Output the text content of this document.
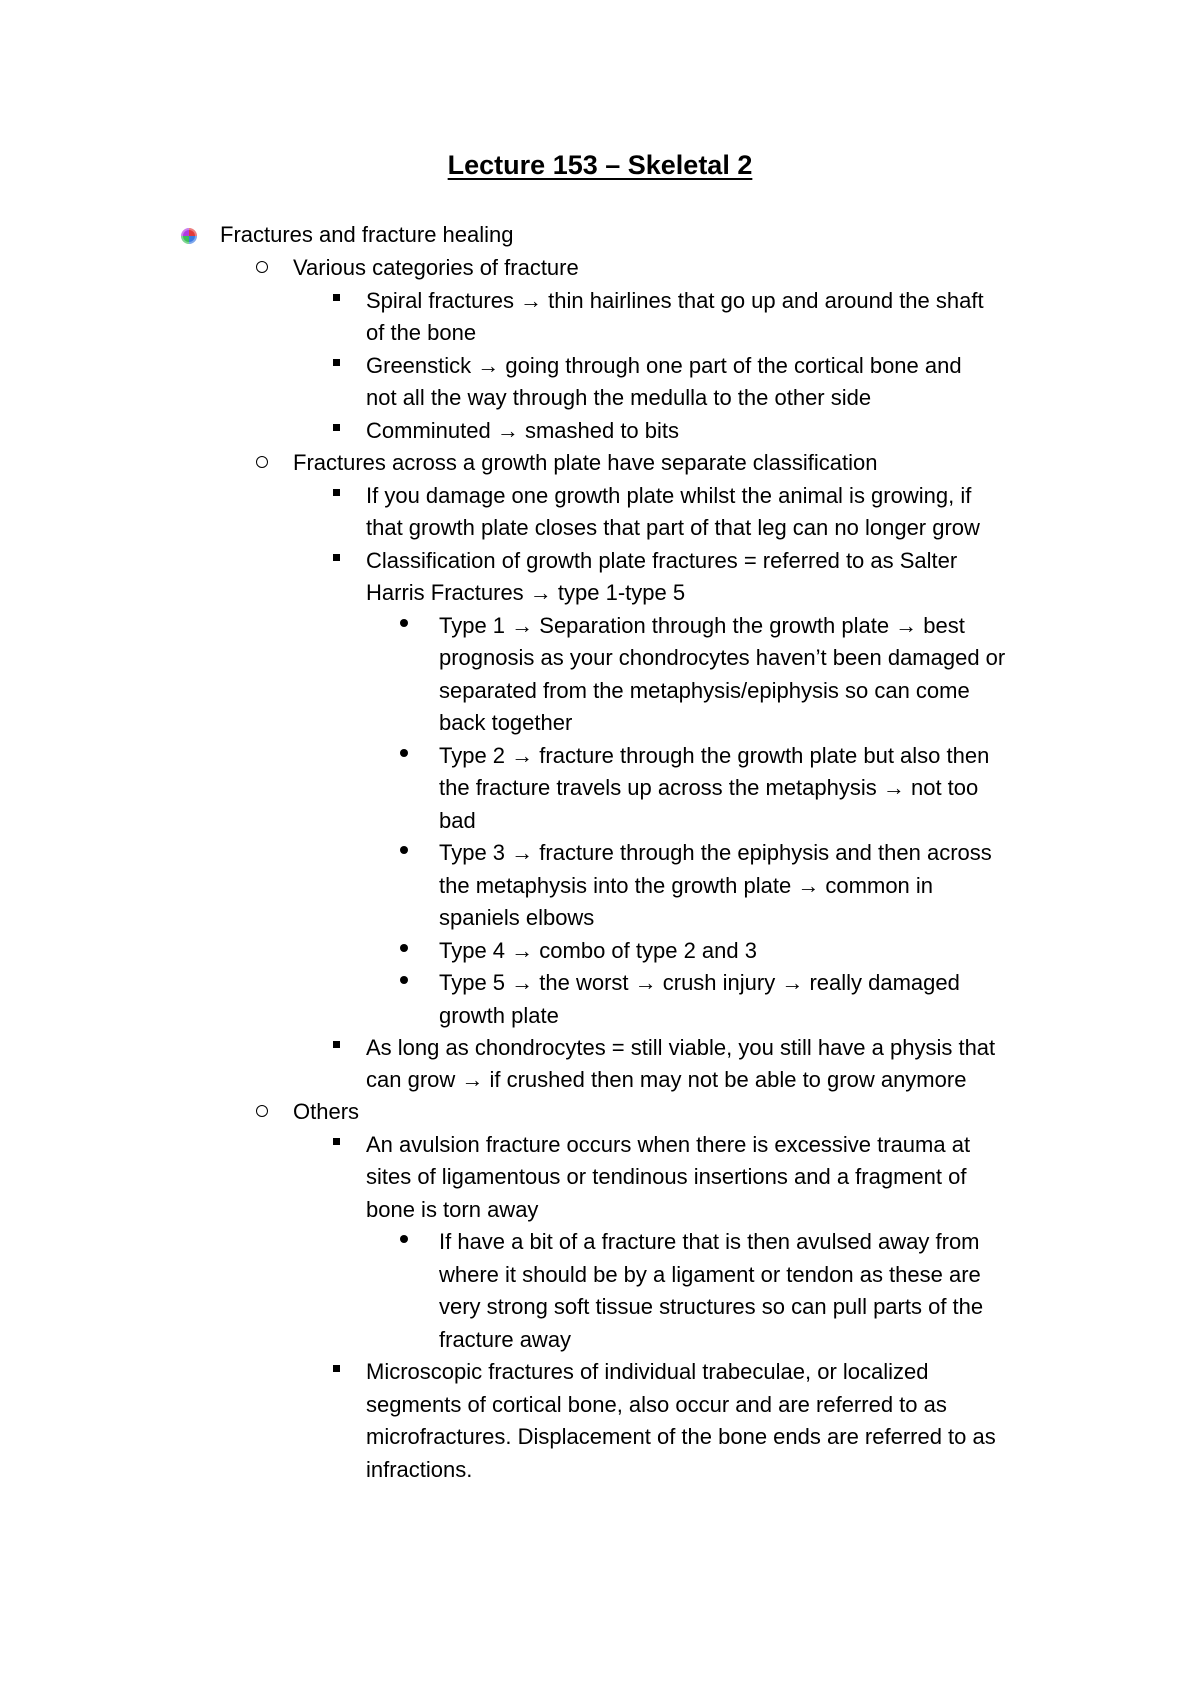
Lecture 153 – Skeletal 2
Fractures and fracture healing
Various categories of fracture
Spiral fractures → thin hairlines that go up and around the shaft
of the bone
Greenstick → going through one part of the cortical bone and
not all the way through the medulla to the other side
Comminuted → smashed to bits
Fractures across a growth plate have separate classification
If you damage one growth plate whilst the animal is growing, if
that growth plate closes that part of that leg can no longer grow
Classification of growth plate fractures = referred to as Salter
Harris Fractures → type 1-type 5
Type 1 → Separation through the growth plate → best
prognosis as your chondrocytes haven’t been damaged or
separated from the metaphysis/epiphysis so can come
back together
Type 2 → fracture through the growth plate but also then
the fracture travels up across the metaphysis → not too
bad
Type 3 → fracture through the epiphysis and then across
the metaphysis into the growth plate → common in
spaniels elbows
Type 4 → combo of type 2 and 3
Type 5 → the worst → crush injury → really damaged
growth plate
As long as chondrocytes = still viable, you still have a physis that
can grow → if crushed then may not be able to grow anymore
Others
An avulsion fracture occurs when there is excessive trauma at
sites of ligamentous or tendinous insertions and a fragment of
bone is torn away
If have a bit of a fracture that is then avulsed away from
where it should be by a ligament or tendon as these are
very strong soft tissue structures so can pull parts of the
fracture away
Microscopic fractures of individual trabeculae, or localized
segments of cortical bone, also occur and are referred to as
microfractures. Displacement of the bone ends are referred to as
infractions.
